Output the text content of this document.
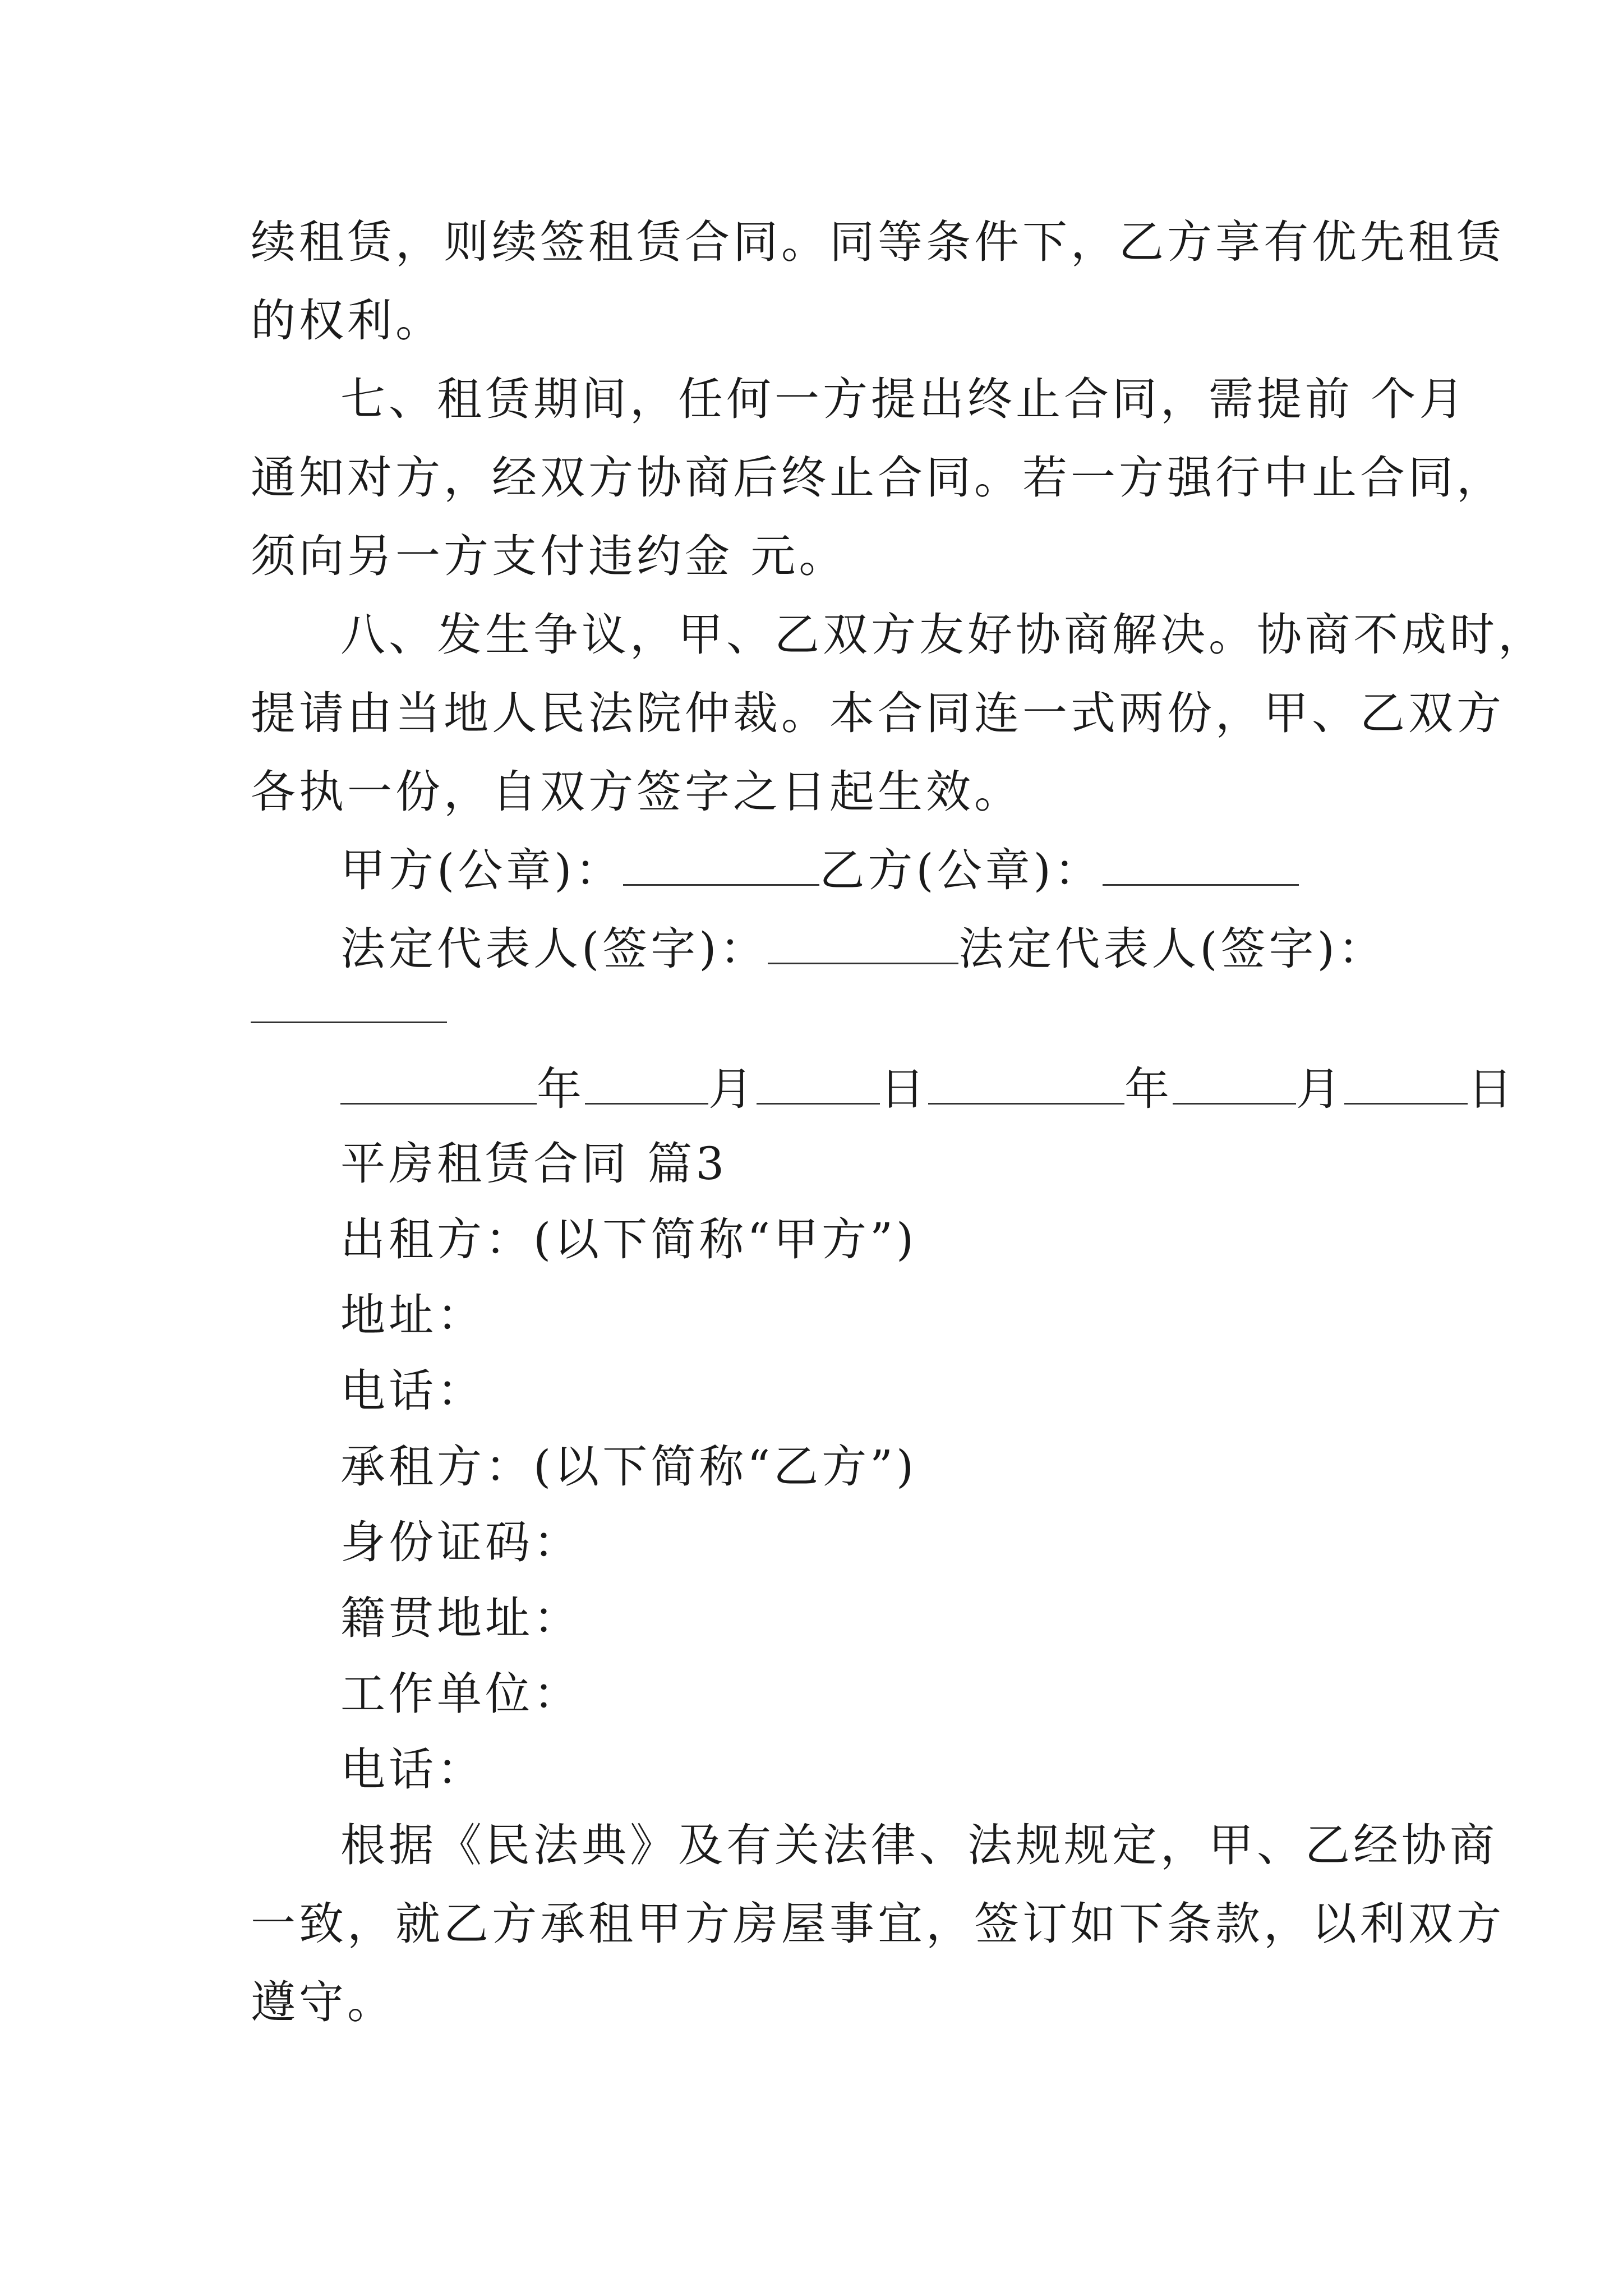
续租赁，则续签租赁合同。同等条件下，乙方享有优先租赁
的权利。
七、租赁期间，任何一方提出终止合同，需提前 个月
通知对方，经双方协商后终止合同。若一方强行中止合同，
须向另一方支付违约金 元。
八、发生争议，甲、乙双方友好协商解决。协商不成时，
提请由当地人民法院仲裁。本合同连一式两份，甲、乙双方
各执一份，自双方签字之日起生效。
甲方(公章)：	乙方(公章)：
法定代表人(签字)：	法定代表人(签字)：
年	月	日	年	月	日
平房租赁合同 篇3
出租方：(以下简称“甲方”)
地址：
电话：
承租方：(以下简称“乙方”)
身份证码：
籍贯地址：
工作单位：
电话：
根据《民法典》及有关法律、法规规定，甲、乙经协商
一致，就乙方承租甲方房屋事宜，签订如下条款，以利双方
遵守。
